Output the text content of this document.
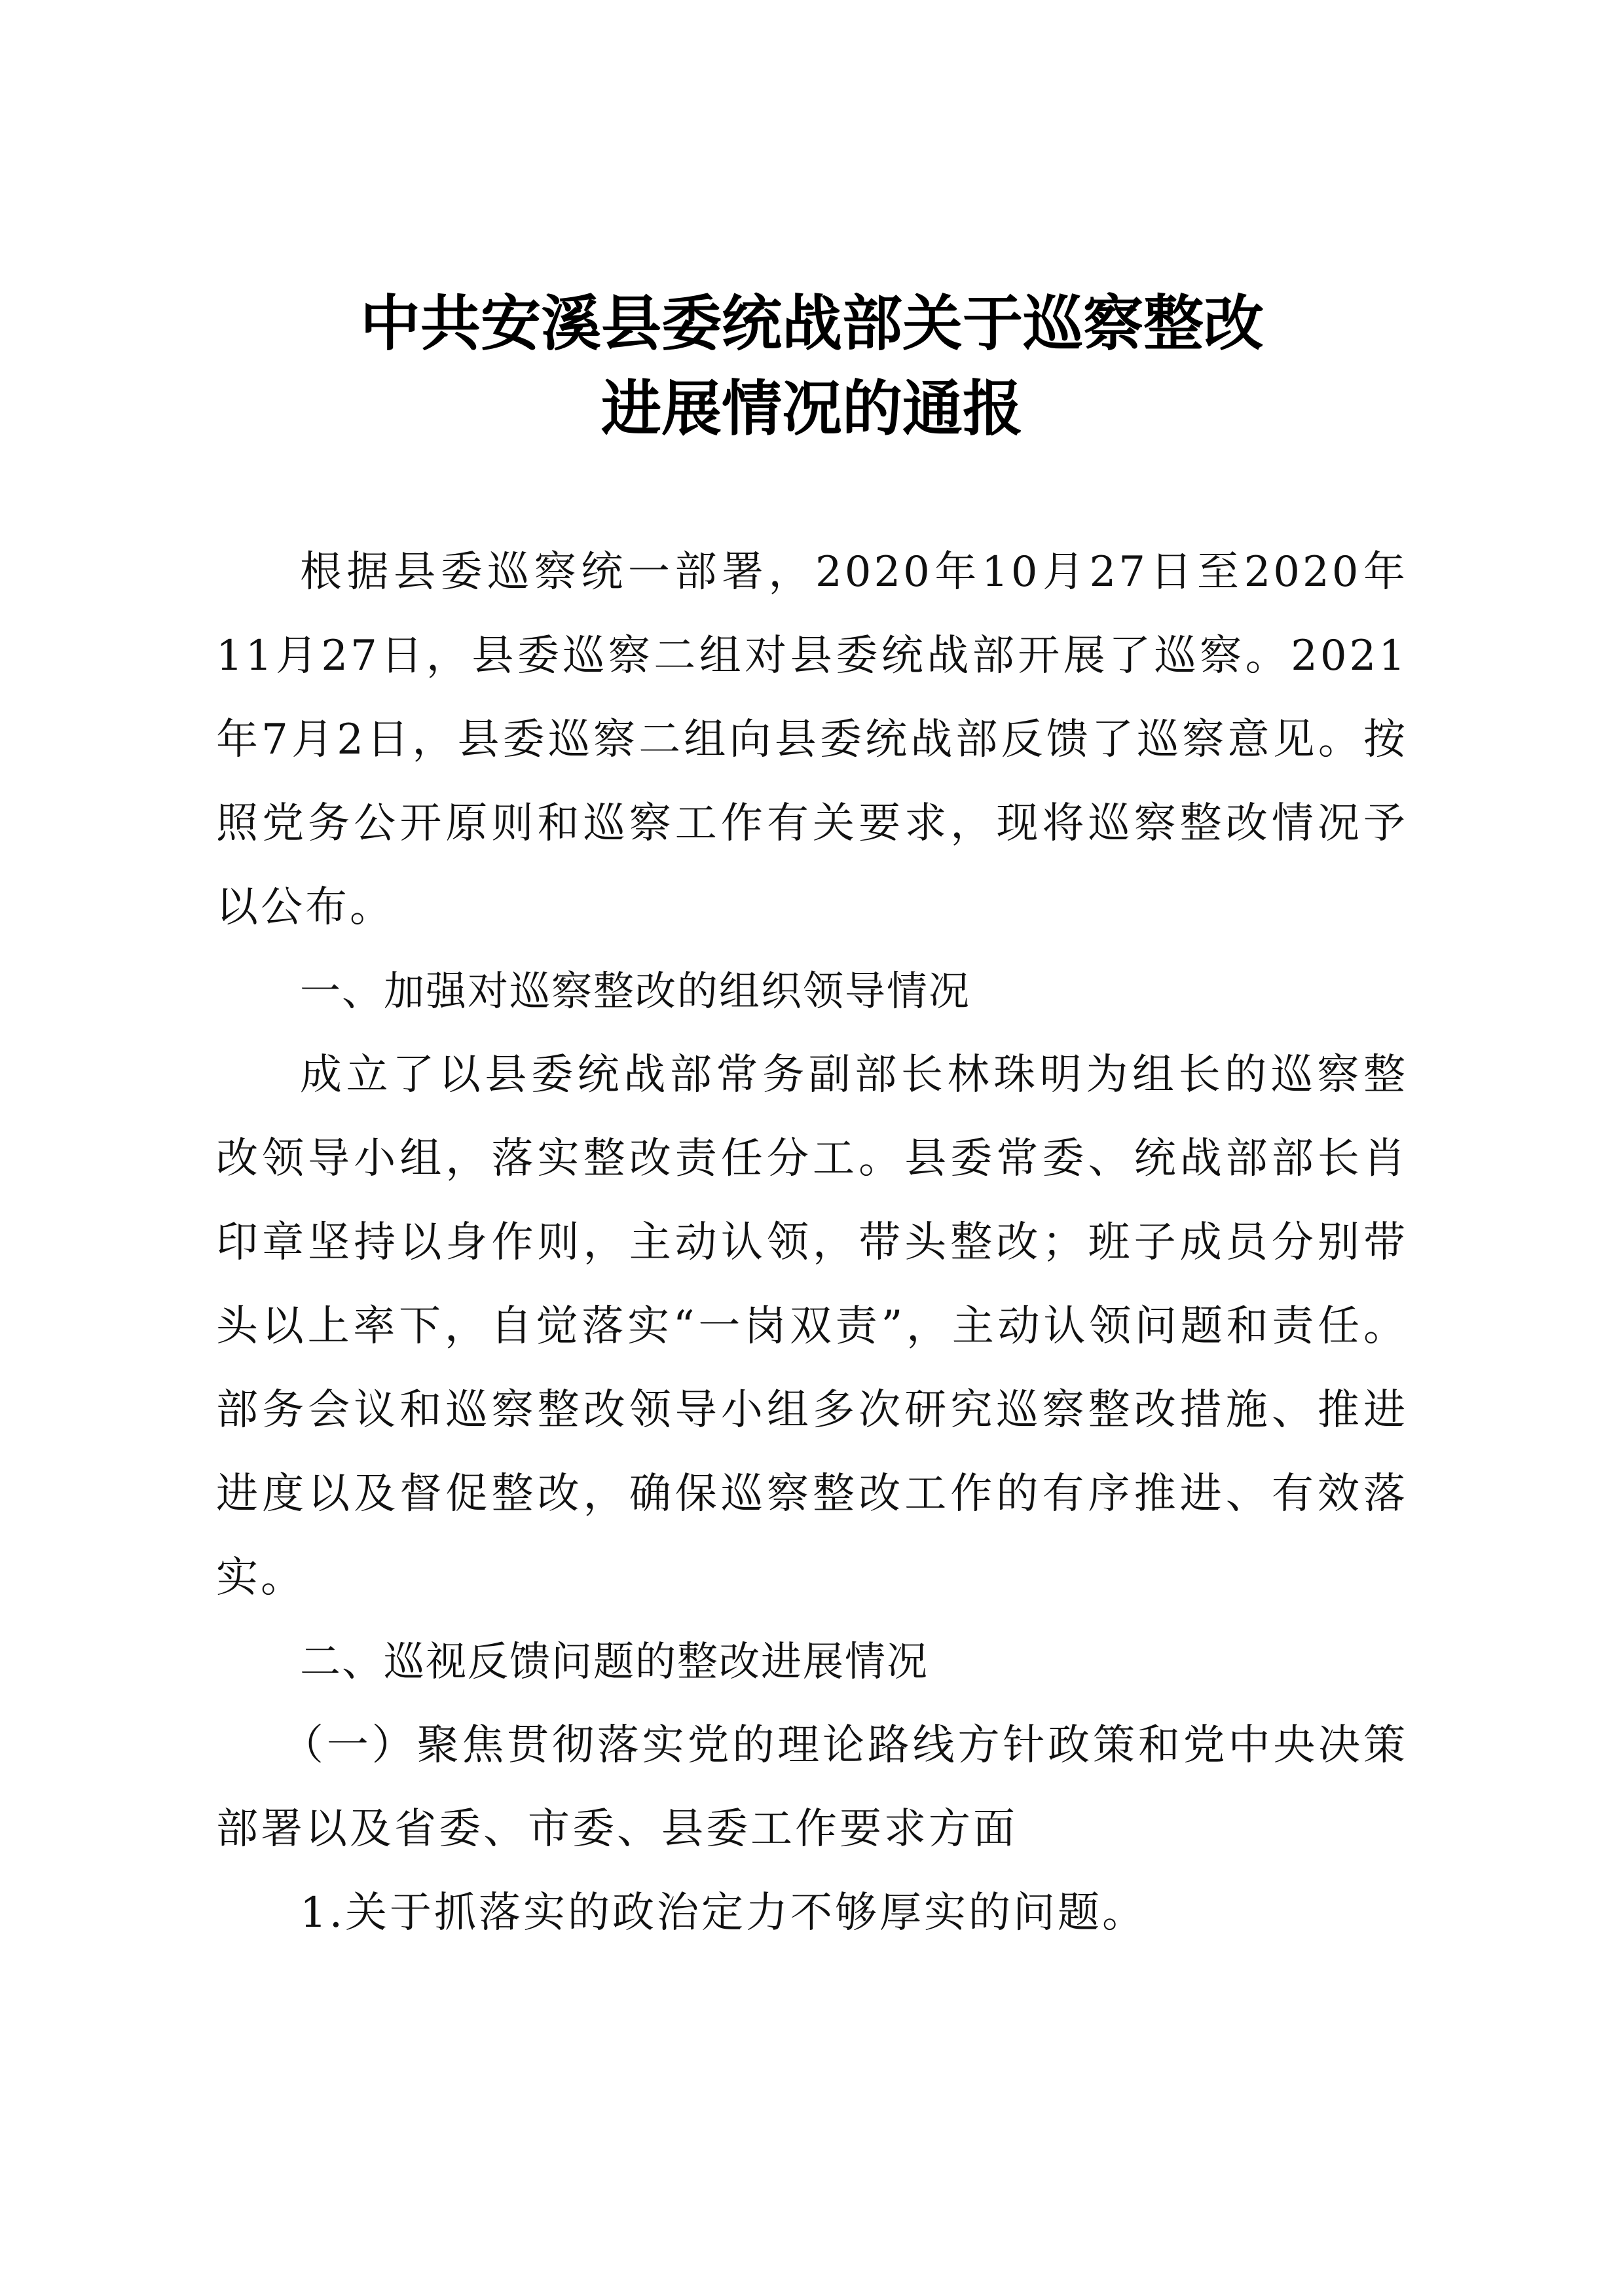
中共安溪县委统战部关于巡察整改
进展情况的通报

根据县委巡察统一部署，2020年10月27日至2020年11月27日，县委巡察二组对县委统战部开展了巡察。2021年7月2日，县委巡察二组向县委统战部反馈了巡察意见。按照党务公开原则和巡察工作有关要求，现将巡察整改情况予以公布。

一、加强对巡察整改的组织领导情况

成立了以县委统战部常务副部长林珠明为组长的巡察整改领导小组，落实整改责任分工。县委常委、统战部部长肖印章坚持以身作则，主动认领，带头整改；班子成员分别带头以上率下，自觉落实“一岗双责”，主动认领问题和责任。部务会议和巡察整改领导小组多次研究巡察整改措施、推进进度以及督促整改，确保巡察整改工作的有序推进、有效落实。

二、巡视反馈问题的整改进展情况

（一）聚焦贯彻落实党的理论路线方针政策和党中央决策部署以及省委、市委、县委工作要求方面

1.关于抓落实的政治定力不够厚实的问题。
